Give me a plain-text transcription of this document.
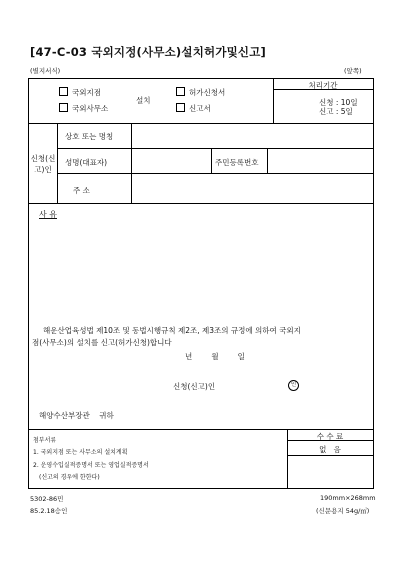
[47-C-03 국외지정(사무소)설치허가및신고]
(별지서식)	(앞쪽)
국외지점
국외사무소
설치
허가신청서
신고서
처리기간
신청 : 10일
신고 : 5일
신청(신
고)인
상호 또는 명칭
성명(대표자)	주민등록번호
주 소
사 유
해운산업육성법 제10조 및 동법시행규칙 제2조, 제3조의 규정에 의하여 국외지
점(사무소)의 설치를 신고(허가신청)합니다
년        월        일
신청(신고)인	인
해양수산부장관    귀하
첨부서류
1. 국외지점 또는 사무소의 설치계획
2. 운영수입실적증명서 또는 영업실적증명서
(신고의 경우에 한한다)
수 수 료
없   음
5302-86민
85.2.18승인
190mm×268mm
(신문용지 54g/㎡)
